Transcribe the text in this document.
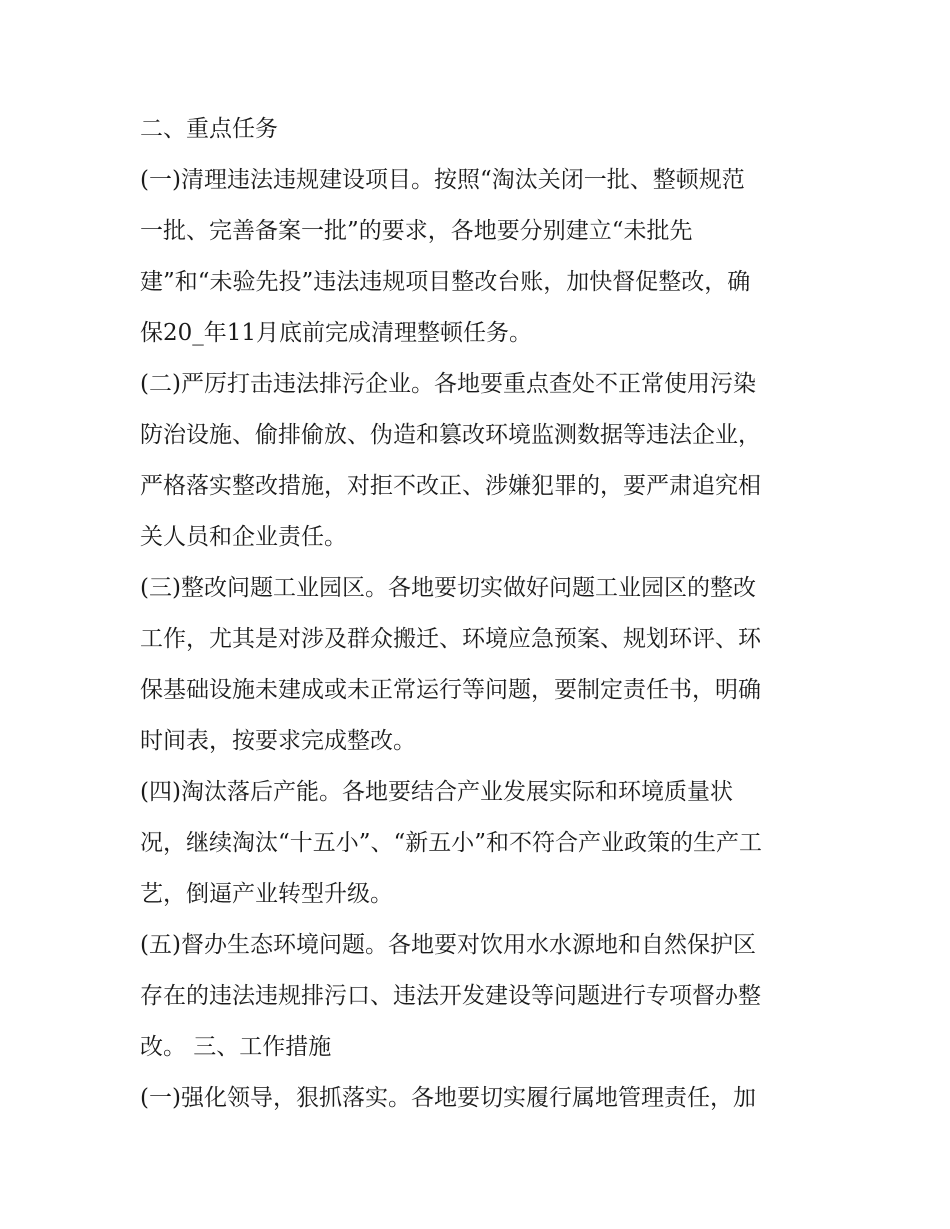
二、重点任务
(一)清理违法违规建设项目。按照“淘汰关闭一批、整顿规范
一批、完善备案一批”的要求，各地要分别建立“未批先
建”和“未验先投”违法违规项目整改台账，加快督促整改，确
保20_年11月底前完成清理整顿任务。
(二)严厉打击违法排污企业。各地要重点查处不正常使用污染
防治设施、偷排偷放、伪造和篡改环境监测数据等违法企业，
严格落实整改措施，对拒不改正、涉嫌犯罪的，要严肃追究相
关人员和企业责任。
(三)整改问题工业园区。各地要切实做好问题工业园区的整改
工作，尤其是对涉及群众搬迁、环境应急预案、规划环评、环
保基础设施未建成或未正常运行等问题，要制定责任书，明确
时间表，按要求完成整改。
(四)淘汰落后产能。各地要结合产业发展实际和环境质量状
况，继续淘汰“十五小”、“新五小”和不符合产业政策的生产工
艺，倒逼产业转型升级。
(五)督办生态环境问题。各地要对饮用水水源地和自然保护区
存在的违法违规排污口、违法开发建设等问题进行专项督办整
改。 三、工作措施
(一)强化领导，狠抓落实。各地要切实履行属地管理责任，加
